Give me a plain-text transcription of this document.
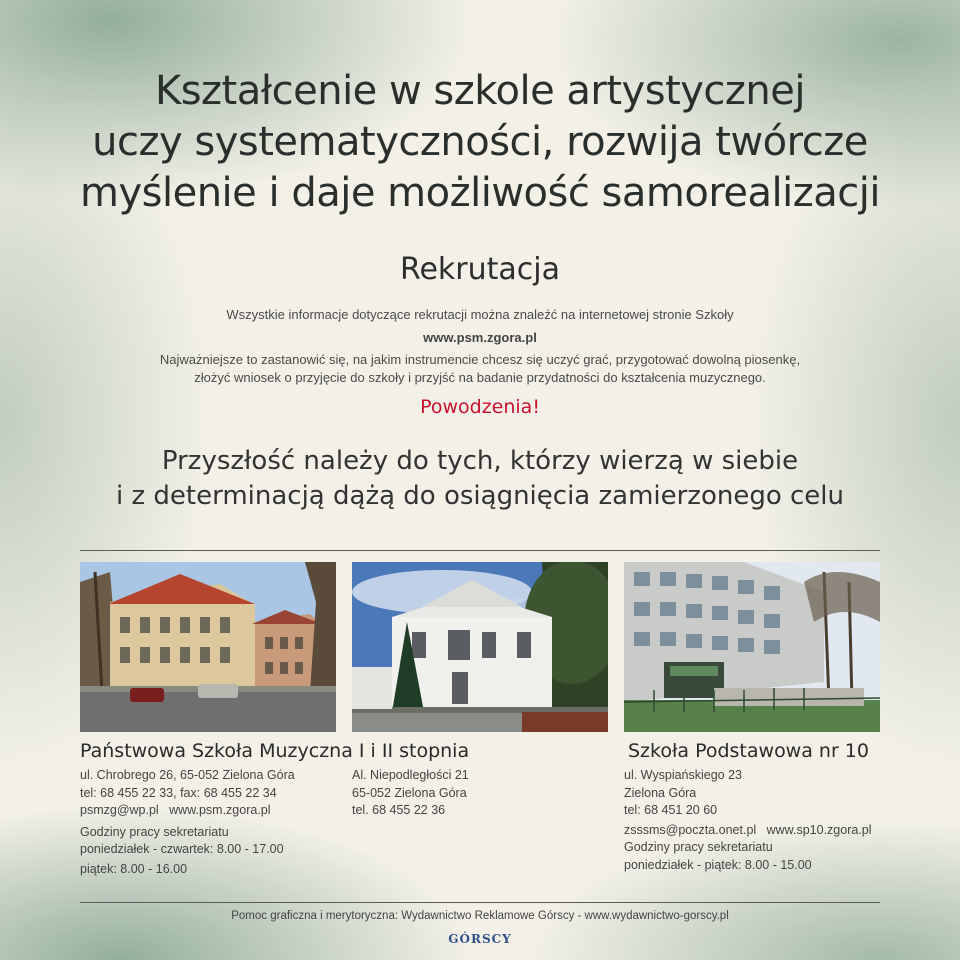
Kształcenie w szkole artystycznej
uczy systematyczności, rozwija twórcze
myślenie i daje możliwość samorealizacji
Rekrutacja
Wszystkie informacje dotyczące rekrutacji można znaleźć na internetowej stronie Szkoły
www.psm.zgora.pl
Najważniejsze to zastanowić się, na jakim instrumencie chcesz się uczyć grać, przygotować dowolną piosenkę,
złożyć wniosek o przyjęcie do szkoły i przyjść na badanie przydatności do kształcenia muzycznego.
Powodzenia!
Przyszłość należy do tych, którzy wierzą w siebie
i z determinacją dążą do osiągnięcia zamierzonego celu
Państwowa Szkoła Muzyczna I i II stopnia
ul. Chrobrego 26, 65-052 Zielona Góra
tel: 68 455 22 33, fax: 68 455 22 34
psmzg@wp.pl www.psm.zgora.pl
Godziny pracy sekretariatu
poniedziałek - czwartek: 8.00 - 17.00
piątek: 8.00 - 16.00
Al. Niepodległości 21
65-052 Zielona Góra
tel. 68 455 22 36
Szkoła Podstawowa nr 10
ul. Wyspiańskiego 23
Zielona Góra
tel: 68 451 20 60
zsssms@poczta.onet.pl www.sp10.zgora.pl
Godziny pracy sekretariatu
poniedziałek - piątek: 8.00 - 15.00
Pomoc graficzna i merytoryczna: Wydawnictwo Reklamowe Górscy - www.wydawnictwo-gorscy.pl
GÓRSCY
